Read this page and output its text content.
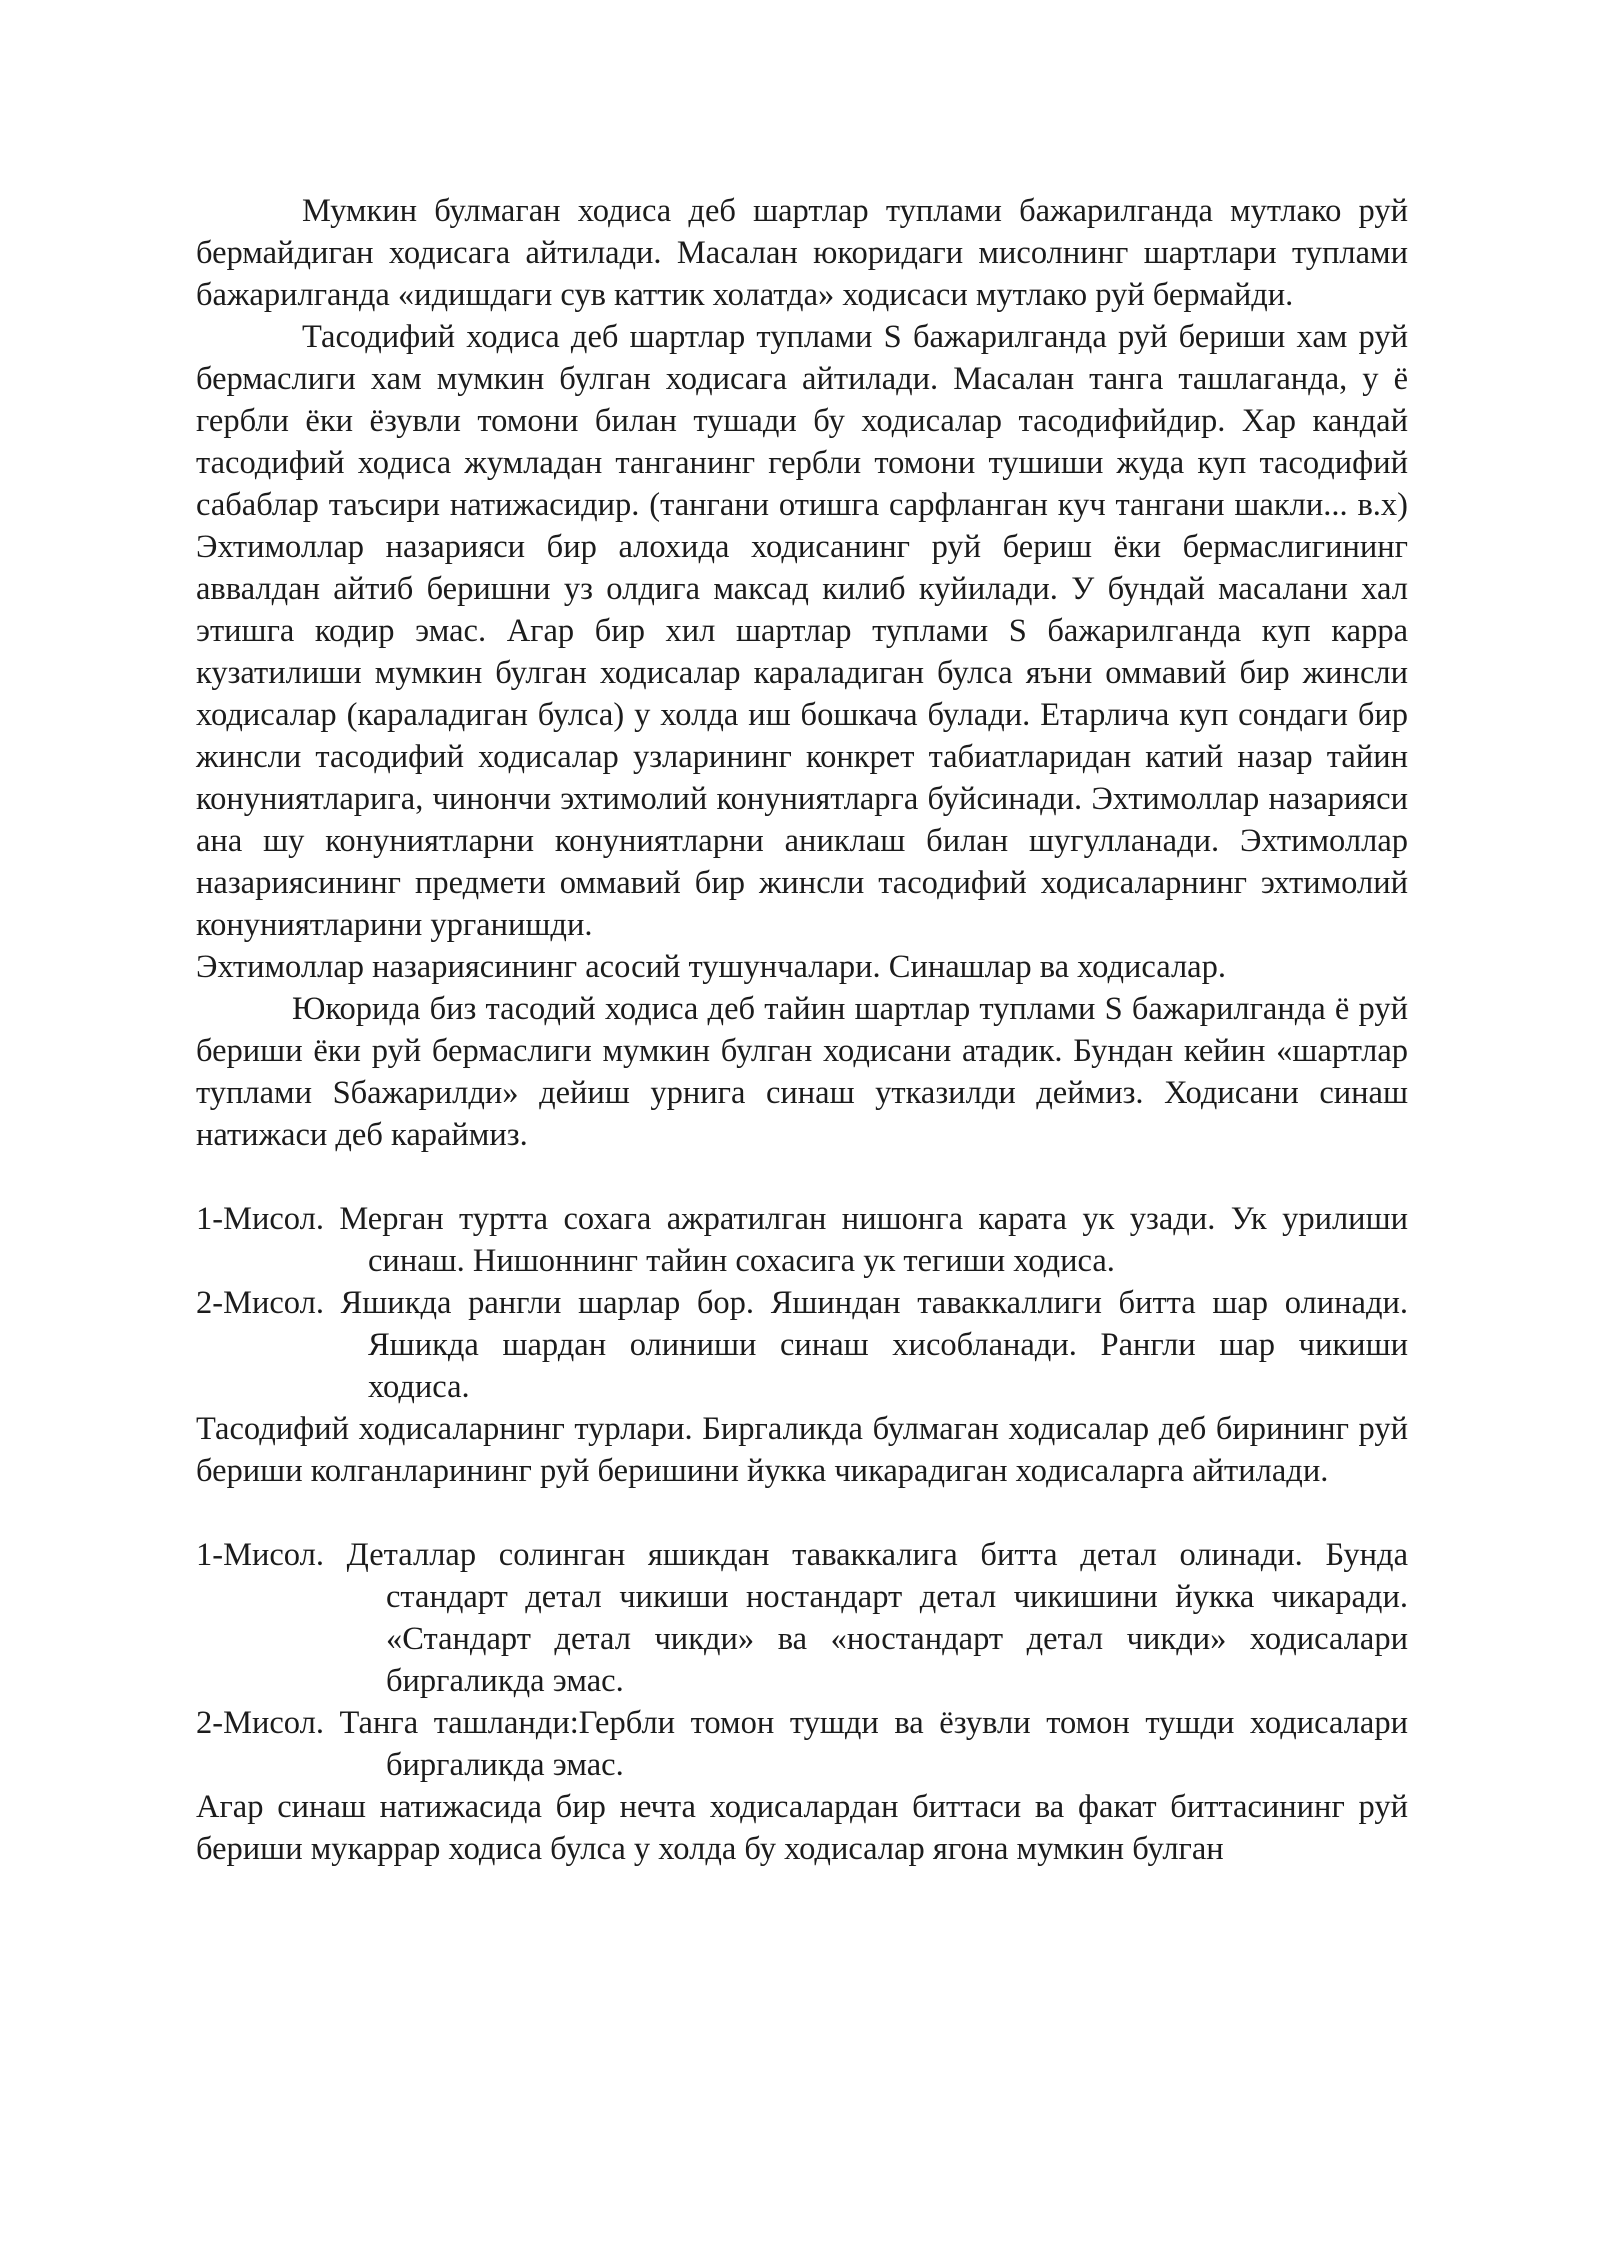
Мумкин булмаган ходиса деб шартлар туплами бажарилганда мутлако руй бермайдиган ходисага айтилади. Масалан юкоридаги мисолнинг шартлари туплами бажарилганда «идишдаги сув каттик холатда» ходисаси мутлако руй бермайди.

Тасодифий ходиса деб шартлар туплами S бажарилганда руй бериши хам руй бермаслиги хам мумкин булган ходисага айтилади. Масалан танга ташлаганда, у ё гербли ёки ёзувли томони билан тушади бу ходисалар тасодифийдир. Хар кандай тасодифий ходиса жумладан танганинг гербли томони тушиши жуда куп тасодифий сабаблар таъсири натижасидир. (тангани отишга сарфланган куч тангани шакли... в.х) Эхтимоллар назарияси бир алохида ходисанинг руй бериш ёки бермаслигининг аввалдан айтиб беришни уз олдига максад килиб куйилади. У бундай масалани хал этишга кодир эмас. Агар бир хил шартлар туплами S бажарилганда куп карра кузатилиши мумкин булган ходисалар караладиган булса яъни оммавий бир жинсли ходисалар (караладиган булса) у холда иш бошкача булади. Етарлича куп сондаги бир жинсли тасодифий ходисалар узларининг конкрет табиатларидан катий назар тайин конуниятларига, чинончи эхтимолий конуниятларга буйсинади. Эхтимоллар назарияси ана шу конуниятларни конуниятларни аниклаш билан шугулланади. Эхтимоллар назариясининг предмети оммавий бир жинсли тасодифий ходисаларнинг эхтимолий конуниятларини урганишди.

Эхтимоллар назариясининг асосий тушунчалари. Синашлар ва ходисалар.

Юкорида биз тасодий ходиса деб тайин шартлар туплами S бажарилганда ё руй бериши ёки руй бермаслиги мумкин булган ходисани атадик. Бундан кейин «шартлар туплами Sбажарилди» дейиш урнига синаш утказилди деймиз. Ходисани синаш натижаси деб караймиз.

1-Мисол. Мерган туртта сохага ажратилган нишонга карата ук узади. Ук урилиши синаш. Нишоннинг тайин сохасига ук тегиши ходиса.

2-Мисол. Яшикда рангли шарлар бор. Яшиндан таваккаллиги битта шар олинади. Яшикда шардан олиниши синаш хисобланади. Рангли шар чикиши ходиса.

Тасодифий ходисаларнинг турлари. Биргаликда булмаган ходисалар деб бирининг руй бериши колганларининг руй беришини йукка чикарадиган ходисаларга айтилади.

1-Мисол. Деталлар солинган яшикдан таваккалига битта детал олинади. Бунда стандарт детал чикиши ностандарт детал чикишини йукка чикаради. «Стандарт детал чикди» ва «ностандарт детал чикди» ходисалари биргаликда эмас.

2-Мисол. Танга ташланди:Гербли томон тушди ва ёзувли томон тушди ходисалари биргаликда эмас.

Агар синаш натижасида бир нечта ходисалардан биттаси ва факат биттасининг руй бериши мукаррар ходиса булса у холда бу ходисалар ягона мумкин булган
